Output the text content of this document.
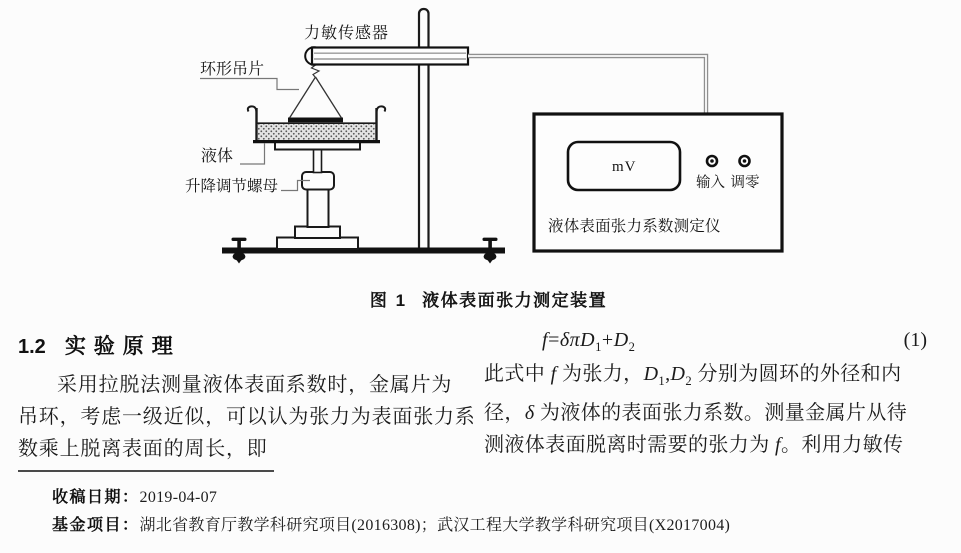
mV
输入 调零
液体表面张力系数测定仪
力敏传感器
环形吊片
液体
升降调节螺母
图 1 液体表面张力测定装置
1.2 实验原理
采用拉脱法测量液体表面系数时，金属片为
吊环，考虑一级近似，可以认为张力为表面张力系
数乘上脱离表面的周长，即
$f=\delta\pi D_1+D_2$	(1)
此式中 f 为张力，$D_1,D_2$ 分别为圆环的外径和内
径，δ 为液体的表面张力系数。测量金属片从待
测液体表面脱离时需要的张力为 f。利用力敏传
收稿日期：2019-04-07
基金项目：湖北省教育厅教学科研究项目(2016308)；武汉工程大学教学科研究项目(X2017004)
